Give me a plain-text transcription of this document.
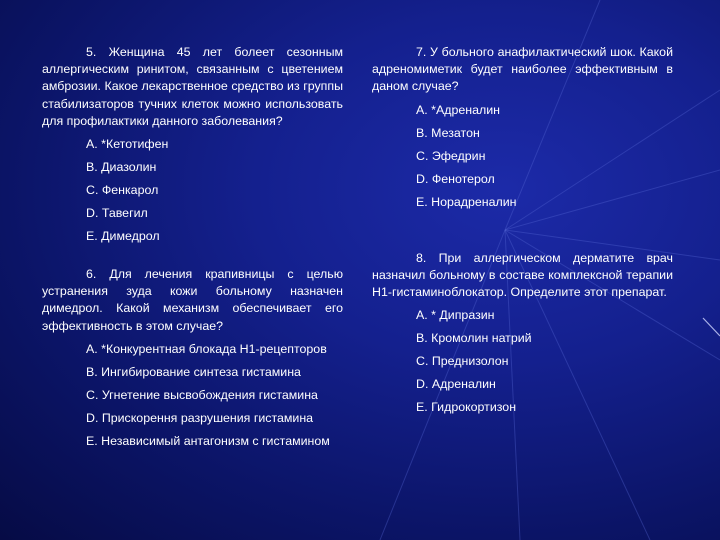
5. Женщина 45 лет болеет сезонным аллергическим ринитом, связанным с цветением амброзии. Какое лекарственное средство из группы стабилизаторов тучних клеток можно использовать для профилактики данного заболевания?

A. *Кетотифен
B. Диазолин
C. Фенкарол
D. Тавегил
E. Димедрол

6. Для лечения крапивницы с целью устранения зуда кожи больному назначен димедрол. Какой механизм обеспечивает его эффективность в этом случае?

A. *Конкурентная блокада Н1-рецепторов
B. Ингибирование синтеза гистамина
C. Угнетение высвобождения гистамина
D. Прискорення разрушения гистамина
E. Независимый антагонизм с гистамином

7. У больного анафилактический шок. Какой адреномиметик будет наиболее эффективным в даном случае?

A. *Адреналин
B. Мезатон
C. Эфедрин
D. Фенотерол
E. Норадреналин

8. При аллергическом дерматите врач назначил больному в составе комплексной терапии Н1-гистаминоблокатор. Определите этот препарат.

A. * Дипразин
B. Кромолин натрий
C. Преднизолон
D. Адреналин
E. Гидрокортизон
